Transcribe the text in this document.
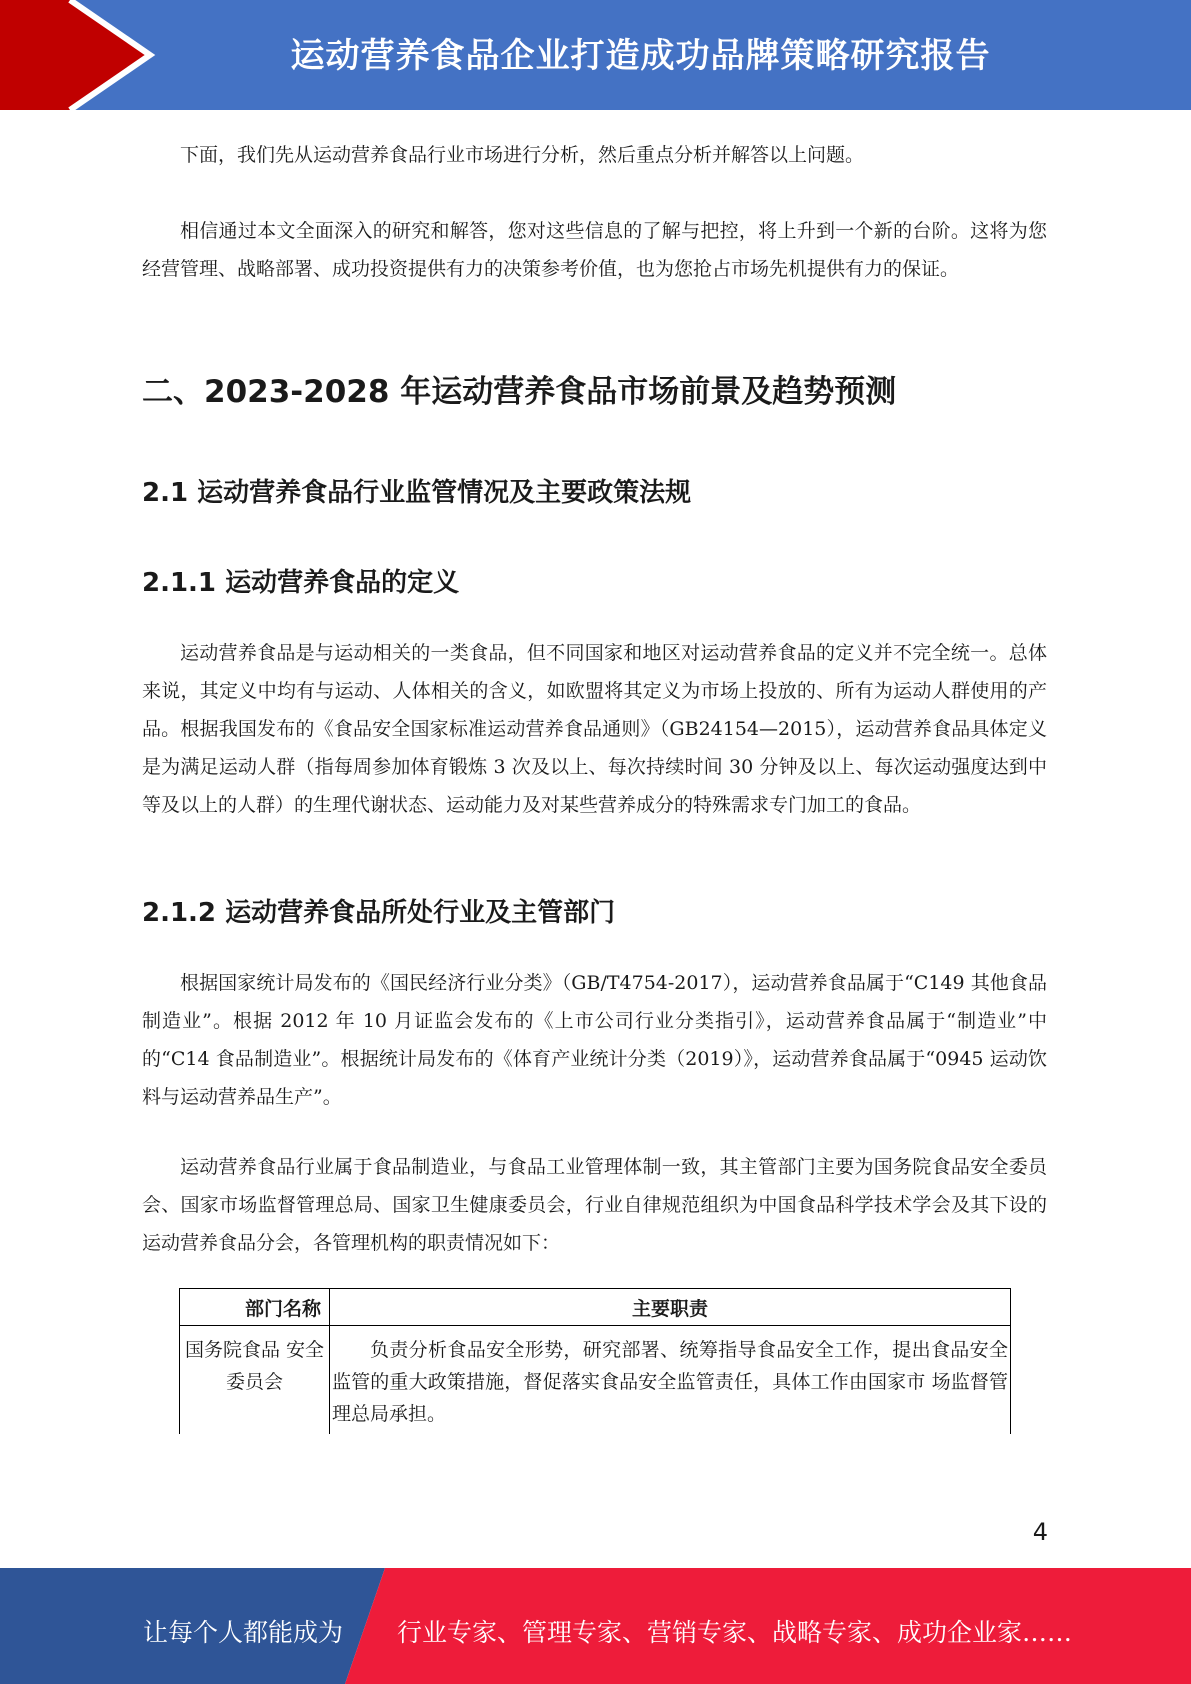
运动营养食品企业打造成功品牌策略研究报告

下面，我们先从运动营养食品行业市场进行分析，然后重点分析并解答以上问题。

相信通过本文全面深入的研究和解答，您对这些信息的了解与把控，将上升到一个新的台阶。这将为您经营管理、战略部署、成功投资提供有力的决策参考价值，也为您抢占市场先机提供有力的保证。

二、2023-2028 年运动营养食品市场前景及趋势预测
2.1 运动营养食品行业监管情况及主要政策法规
2.1.1 运动营养食品的定义

运动营养食品是与运动相关的一类食品，但不同国家和地区对运动营养食品的定义并不完全统一。总体来说，其定义中均有与运动、人体相关的含义，如欧盟将其定义为市场上投放的、所有为运动人群使用的产品。根据我国发布的《食品安全国家标准运动营养食品通则》（GB24154—2015），运动营养食品具体定义是为满足运动人群（指每周参加体育锻炼 3 次及以上、每次持续时间 30 分钟及以上、每次运动强度达到中等及以上的人群）的生理代谢状态、运动能力及对某些营养成分的特殊需求专门加工的食品。

2.1.2 运动营养食品所处行业及主管部门

根据国家统计局发布的《国民经济行业分类》（GB/T4754-2017），运动营养食品属于“C149 其他食品制造业”。根据 2012 年 10 月证监会发布的《上市公司行业分类指引》，运动营养食品属于“制造业”中的“C14 食品制造业”。根据统计局发布的《体育产业统计分类（2019）》，运动营养食品属于“0945 运动饮料与运动营养品生产”。

运动营养食品行业属于食品制造业，与食品工业管理体制一致，其主管部门主要为国务院食品安全委员会、国家市场监督管理总局、国家卫生健康委员会，行业自律规范组织为中国食品科学技术学会及其下设的运动营养食品分会，各管理机构的职责情况如下：

部门名称	主要职责
国务院食品 安全委员会	负责分析食品安全形势，研究部署、统筹指导食品安全工作，提出食品安全监管的重大政策措施，督促落实食品安全监管责任，具体工作由国家市 场监督管理总局承担。
4
让每个人都能成为 行业专家、管理专家、营销专家、战略专家、成功企业家……
